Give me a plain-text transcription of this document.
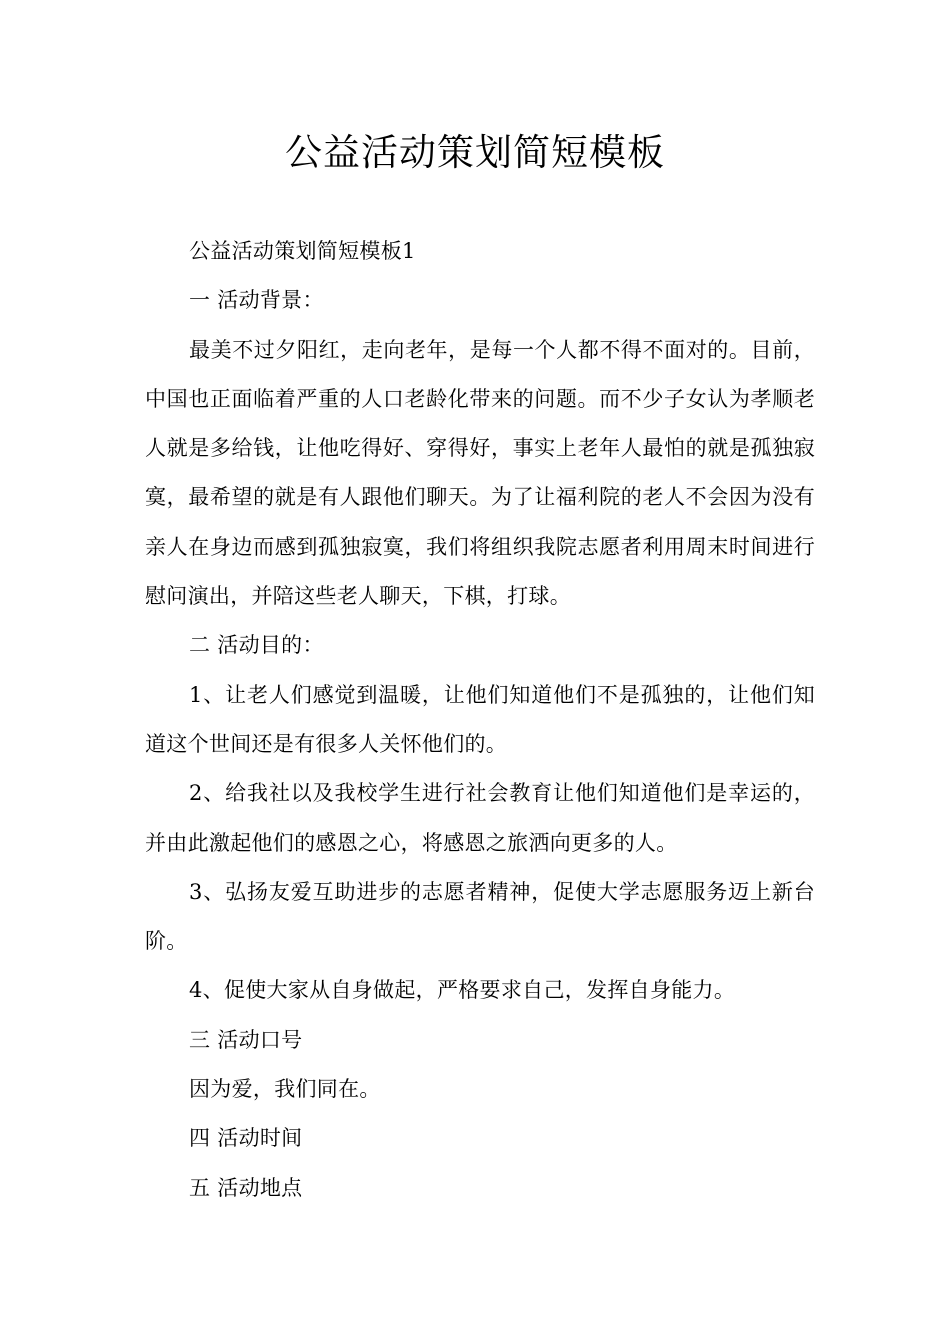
公益活动策划简短模板

公益活动策划简短模板1

一 活动背景：

最美不过夕阳红，走向老年，是每一个人都不得不面对的。目前，中国也正面临着严重的人口老龄化带来的问题。而不少子女认为孝顺老人就是多给钱，让他吃得好、穿得好，事实上老年人最怕的就是孤独寂寞，最希望的就是有人跟他们聊天。为了让福利院的老人不会因为没有亲人在身边而感到孤独寂寞，我们将组织我院志愿者利用周末时间进行慰问演出，并陪这些老人聊天，下棋，打球。

二 活动目的：

1、让老人们感觉到温暖，让他们知道他们不是孤独的，让他们知道这个世间还是有很多人关怀他们的。

2、给我社以及我校学生进行社会教育让他们知道他们是幸运的，并由此激起他们的感恩之心，将感恩之旅洒向更多的人。

3、弘扬友爱互助进步的志愿者精神，促使大学志愿服务迈上新台阶。

4、促使大家从自身做起，严格要求自己，发挥自身能力。

三 活动口号

因为爱，我们同在。

四 活动时间

五 活动地点
